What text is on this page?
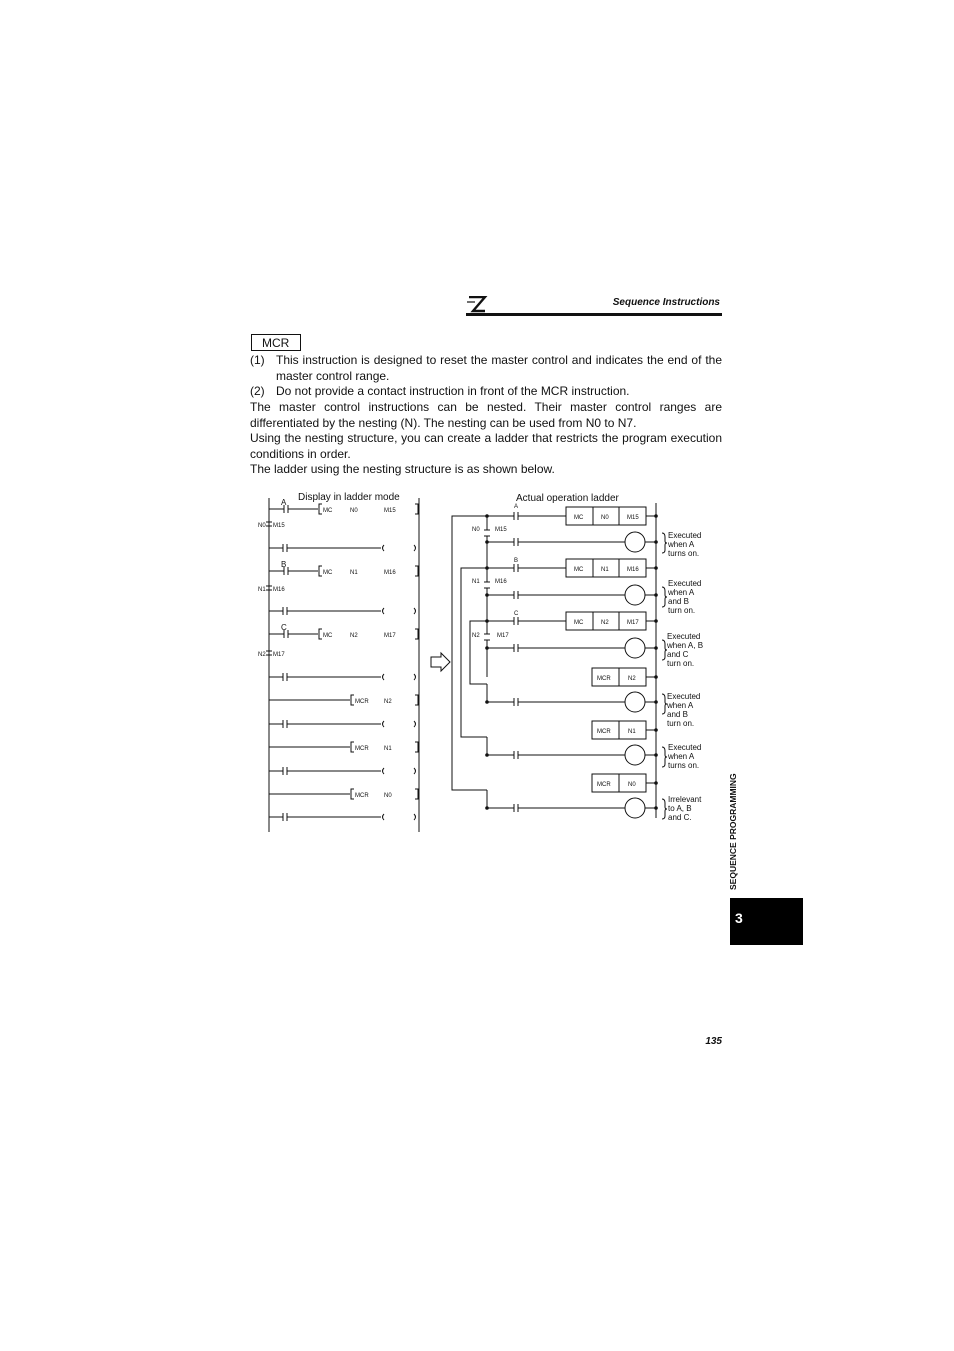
Sequence Instructions
MCR
(1) This instruction is designed to reset the master control and indicates the end of the master control range.
(2) Do not provide a contact instruction in front of the MCR instruction.
The master control instructions can be nested. Their master control ranges are differentiated by the nesting (N). The nesting can be used from N0 to N7.
Using the nesting structure, you can create a ladder that restricts the program execution conditions in order.
The ladder using the nesting structure is as shown below.
Display in ladder mode
A
MC	N0	M15
N0 M15
B
MC	N1	M16
N1 M16
C
MC	N2	M17
N2 M17
MCR	N2
MCR	N1
MCR	N0
Actual operation ladder
A
MC	N0	M15
N0	M15
B
MC	N1	M16
N1	M16
C
MC	N2	M17
N2	M17
MCR	N2
MCR	N1
MCR	N0
Executed when A turns on.
Executed when A and B turn on.
Executed when A, B and C turn on.
Executed when A and B turn on.
Executed when A turns on.
Irrelevant to A, B and C.	SEQUENCE PROGRAMMING
3
135
